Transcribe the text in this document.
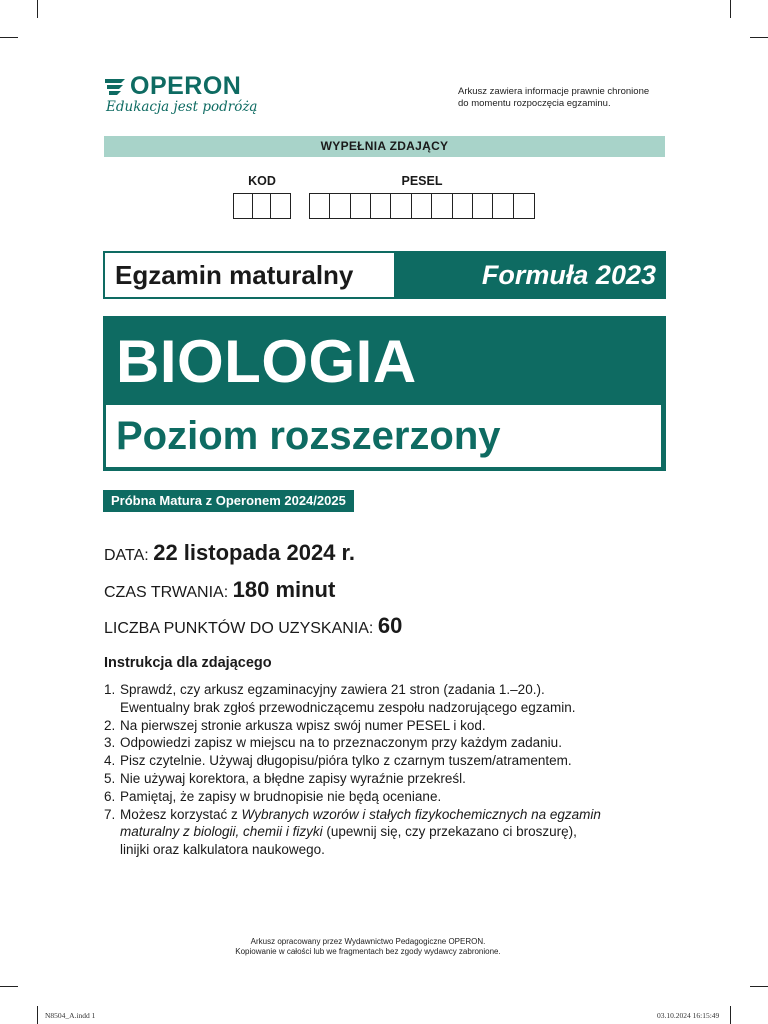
OPERON
Edukacja jest podróżą
Arkusz zawiera informacje prawnie chronione
do momentu rozpoczęcia egzaminu.
WYPEŁNIA ZDAJĄCY
KOD	PESEL
Egzamin maturalny	Formuła 2023
BIOLOGIA
Poziom rozszerzony
Próbna Matura z Operonem 2024/2025
DATA: 22 listopada 2024 r.
CZAS TRWANIA: 180 minut
LICZBA PUNKTÓW DO UZYSKANIA: 60
Instrukcja dla zdającego
1. Sprawdź, czy arkusz egzaminacyjny zawiera 21 stron (zadania 1.–20.).
Ewentualny brak zgłoś przewodniczącemu zespołu nadzorującego egzamin.
2. Na pierwszej stronie arkusza wpisz swój numer PESEL i kod.
3. Odpowiedzi zapisz w miejscu na to przeznaczonym przy każdym zadaniu.
4. Pisz czytelnie. Używaj długopisu/pióra tylko z czarnym tuszem/atramentem.
5. Nie używaj korektora, a błędne zapisy wyraźnie przekreśl.
6. Pamiętaj, że zapisy w brudnopisie nie będą oceniane.
7. Możesz korzystać z Wybranych wzorów i stałych fizykochemicznych na egzamin
maturalny z biologii, chemii i fizyki (upewnij się, czy przekazano ci broszurę),
linijki oraz kalkulatora naukowego.
Arkusz opracowany przez Wydawnictwo Pedagogiczne OPERON.
Kopiowanie w całości lub we fragmentach bez zgody wydawcy zabronione.
N8504_A.indd 1	03.10.2024 16:15:49
